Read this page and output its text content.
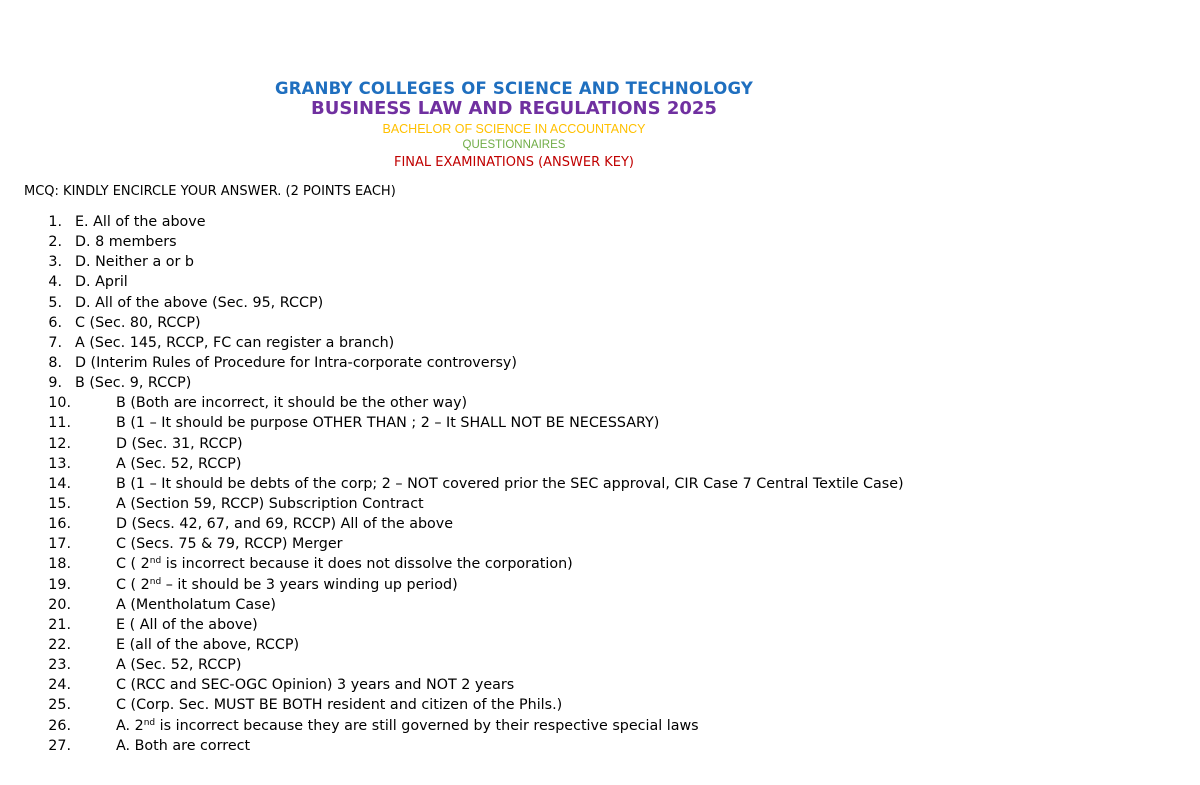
GRANBY COLLEGES OF SCIENCE AND TECHNOLOGY
BUSINESS LAW AND REGULATIONS 2025
BACHELOR OF SCIENCE IN ACCOUNTANCY
QUESTIONNAIRES
FINAL EXAMINATIONS (ANSWER KEY)
MCQ: KINDLY ENCIRCLE YOUR ANSWER. (2 POINTS EACH)
1. E. All of the above
2. D. 8 members
3. D. Neither a or b
4. D. April
5. D. All of the above (Sec. 95, RCCP)
6. C (Sec. 80, RCCP)
7. A (Sec. 145, RCCP, FC can register a branch)
8. D (Interim Rules of Procedure for Intra-corporate controversy)
9. B (Sec. 9, RCCP)
10.	B (Both are incorrect, it should be the other way)
11.	B (1 – It should be purpose OTHER THAN ; 2 – It SHALL NOT BE NECESSARY)
12.	D (Sec. 31, RCCP)
13.	A (Sec. 52, RCCP)
14.	B (1 – It should be debts of the corp; 2 – NOT covered prior the SEC approval, CIR Case 7 Central Textile Case)
15.	A (Section 59, RCCP) Subscription Contract
16.	D (Secs. 42, 67, and 69, RCCP) All of the above
17.	C (Secs. 75 & 79, RCCP) Merger
18.	C ( 2nd is incorrect because it does not dissolve the corporation)
19.	C ( 2nd – it should be 3 years winding up period)
20.	A (Mentholatum Case)
21.	E ( All of the above)
22.	E (all of the above, RCCP)
23.	A (Sec. 52, RCCP)
24.	C (RCC and SEC-OGC Opinion) 3 years and NOT 2 years
25.	C (Corp. Sec. MUST BE BOTH resident and citizen of the Phils.)
26.	A. 2nd is incorrect because they are still governed by their respective special laws
27.	A. Both are correct
